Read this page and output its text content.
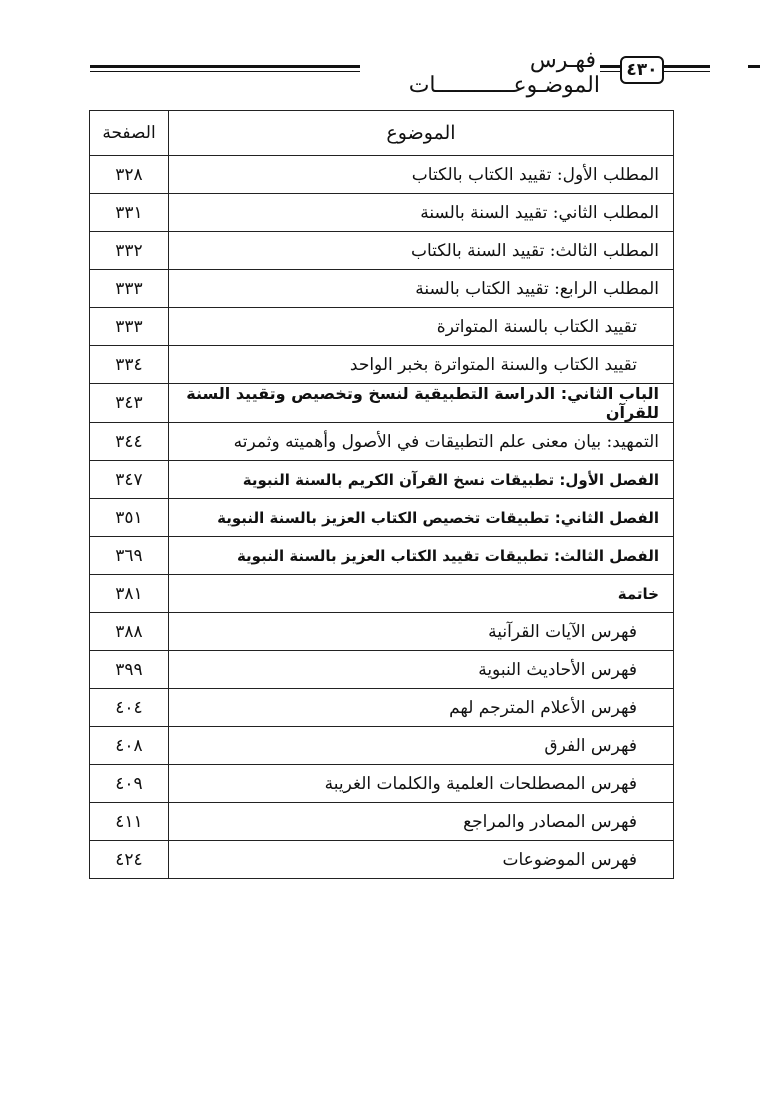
فهـرس الموضـوعــــــــــــات
٤٣٠
الموضوع	الصفحة
المطلب الأول: تقييد الكتاب بالكتاب	٣٢٨
المطلب الثاني: تقييد السنة بالسنة	٣٣١
المطلب الثالث: تقييد السنة بالكتاب	٣٣٢
المطلب الرابع: تقييد الكتاب بالسنة	٣٣٣
تقييد الكتاب بالسنة المتواترة	٣٣٣
تقييد الكتاب والسنة المتواترة بخبر الواحد	٣٣٤
الباب الثاني: الدراسة التطبيقية لنسخ وتخصيص وتقييد السنة للقرآن	٣٤٣
التمهيد: بيان معنى علم التطبيقات في الأصول وأهميته وثمرته	٣٤٤
الفصل الأول: تطبيقات نسخ القرآن الكريم بالسنة النبوية	٣٤٧
الفصل الثاني: تطبيقات تخصيص الكتاب العزيز بالسنة النبوية	٣٥١
الفصل الثالث: تطبيقات تقييد الكتاب العزيز بالسنة النبوية	٣٦٩
خاتمة	٣٨١
فهرس الآيات القرآنية	٣٨٨
فهرس الأحاديث النبوية	٣٩٩
فهرس الأعلام المترجم لهم	٤٠٤
فهرس الفرق	٤٠٨
فهرس المصطلحات العلمية والكلمات الغريبة	٤٠٩
فهرس المصادر والمراجع	٤١١
فهرس الموضوعات	٤٢٤
